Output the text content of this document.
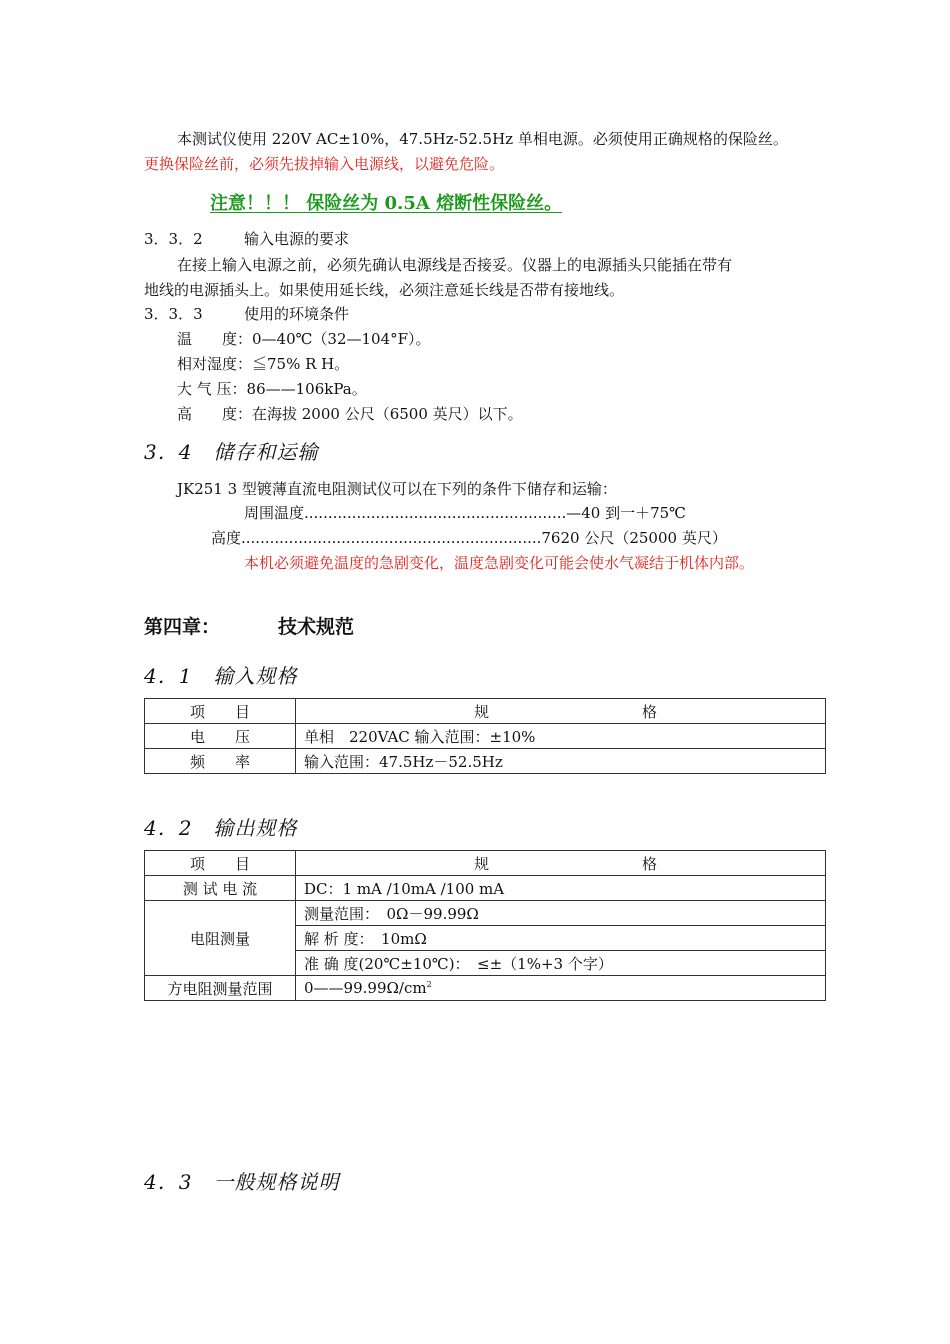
本测试仪使用 220V AC±10%，47.5Hz-52.5Hz 单相电源。必须使用正确规格的保险丝。
更换保险丝前，必须先拔掉输入电源线，以避免危险。
注意！！！ 保险丝为 0.5A 熔断性保险丝。
3．3．2	输入电源的要求
在接上输入电源之前，必须先确认电源线是否接妥。仪器上的电源插头只能插在带有
地线的电源插头上。如果使用延长线，必须注意延长线是否带有接地线。
3．3．3	使用的环境条件
温　　度：0—40℃（32—104°F）。
相对湿度：≦75% R H。
大 气 压：86——106kPa。
高　　度：在海拔 2000 公尺（6500 英尺）以下。
3．4　储存和运输
JK251 3 型镀薄直流电阻测试仪可以在下列的条件下储存和运输：
周围温度.......................................................—40 到一＋75℃
高度...............................................................7620 公尺（25000 英尺）
本机必须避免温度的急剧变化，温度急剧变化可能会使水气凝结于机体内部。
第四章：	技术规范
4．1　输入规格
项　　目	规 格

电　　压	单相　220VAC 输入范围：±10%
频　　率	输入范围：47.5Hz－52.5Hz
4．2　输出规格
项　　目	规 格

测 试 电 流	DC：1 mA /10mA /100 mA
电阻测量	测量范围：　0Ω－99.99Ω
	解 析 度：　10mΩ
	准 确 度(20℃±10℃)：　≤±（1%+3 个字）
方电阻测量范围	$0——99.99\Omega/cm^2$
4．3　一般规格说明
